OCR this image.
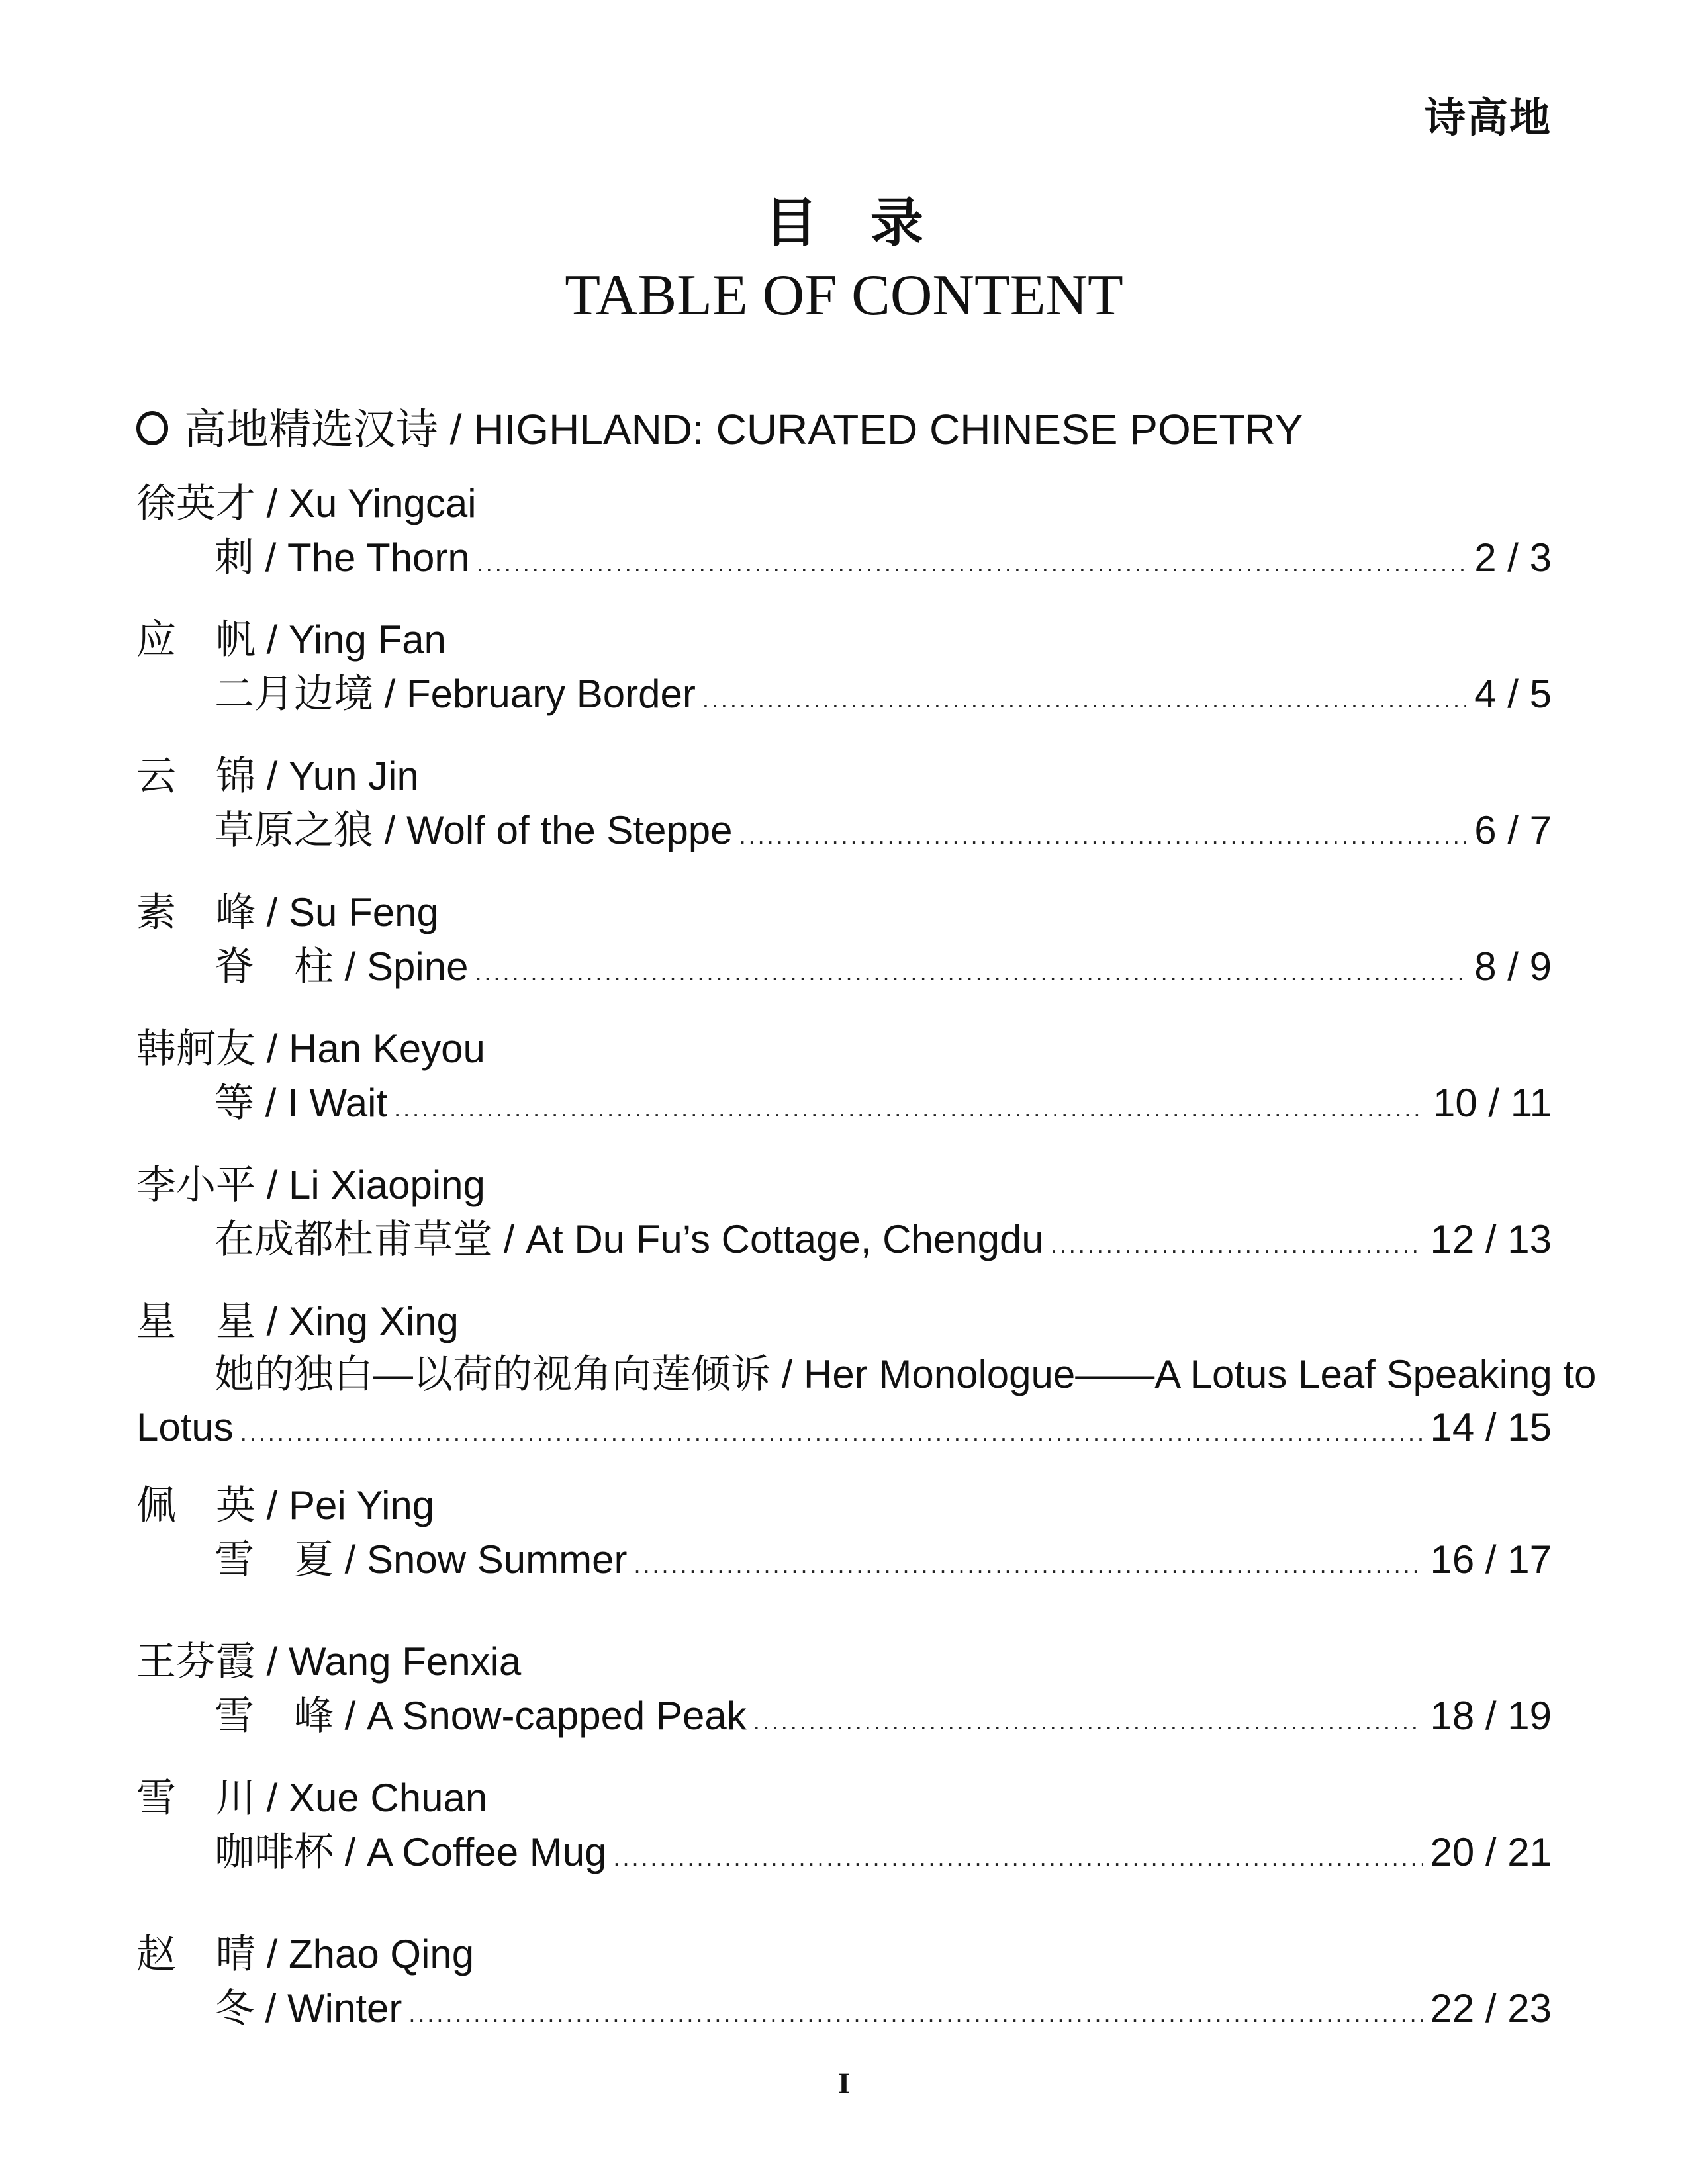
诗高地
目　录
TABLE OF CONTENT
高地精选汉诗 / HIGHLAND: CURATED CHINESE POETRY
徐英才 / Xu Yingcai
刺 / The Thorn .....	2 / 3
应　帆 / Ying Fan
二月边境 / February Border .....	4 / 5
云　锦 / Yun Jin
草原之狼 / Wolf of the Steppe .....	6 / 7
素　峰 / Su Feng
脊　柱 / Spine .....	8 / 9
韩舸友 / Han Keyou
等 / I Wait .....	10 / 11
李小平 / Li Xiaoping
在成都杜甫草堂 / At Du Fu’s Cottage, Chengdu .....	12 / 13
星　星 / Xing Xing
她的独白—以荷的视角向莲倾诉 / Her Monologue——A Lotus Leaf Speaking to
Lotus .....	14 / 15
佩　英 / Pei Ying
雪　夏 / Snow Summer .....	16 / 17
王芬霞 / Wang Fenxia
雪　峰 / A Snow-capped Peak .....	18 / 19
雪　川 / Xue Chuan
咖啡杯 / A Coffee Mug .....	20 / 21
赵　晴 / Zhao Qing
冬 / Winter .....	22 / 23
I
